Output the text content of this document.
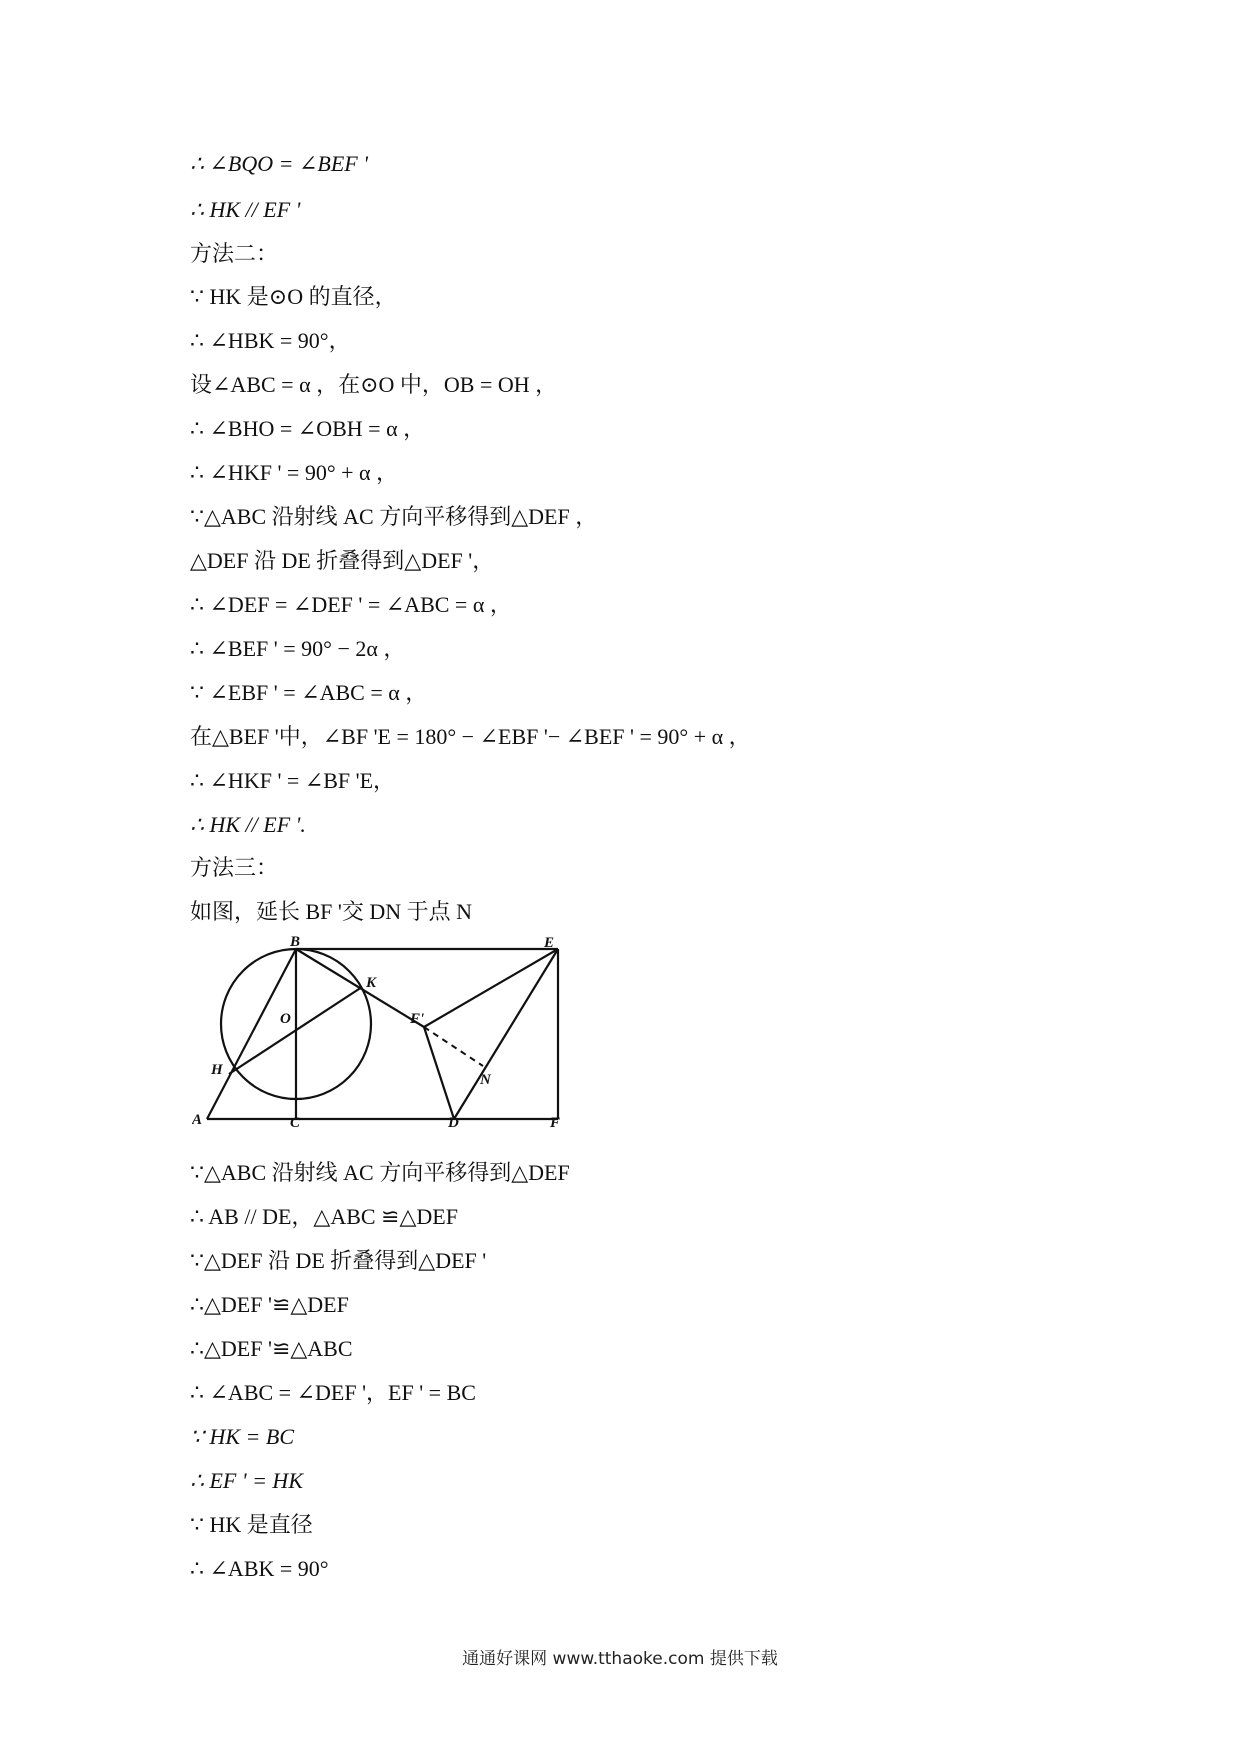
∴ ∠BQO = ∠BEF '
∴ HK // EF '
方法二：
∵ HK 是⊙O 的直径，
∴ ∠HBK = 90°，
设∠ABC = α ，在⊙O 中，OB = OH ，
∴ ∠BHO = ∠OBH = α ，
∴ ∠HKF ' = 90° + α ，
∵△ABC 沿射线 AC 方向平移得到△DEF ，
△DEF 沿 DE 折叠得到△DEF '，
∴ ∠DEF = ∠DEF ' = ∠ABC = α ，
∴ ∠BEF ' = 90° − 2α ，
∵ ∠EBF ' = ∠ABC = α ，
在△BEF '中，∠BF 'E = 180° − ∠EBF '− ∠BEF ' = 90° + α ，
∴ ∠HKF ' = ∠BF 'E，
∴ HK // EF '.
方法三：
如图，延长 BF '交 DN 于点 N
B	E
K
O	F'
H
N
A	C	D	F
∵△ABC 沿射线 AC 方向平移得到△DEF
∴ AB // DE，△ABC ≌△DEF
∵△DEF 沿 DE 折叠得到△DEF '
∴△DEF '≌△DEF
∴△DEF '≌△ABC
∴ ∠ABC = ∠DEF '，EF ' = BC
∵ HK = BC
∴ EF ' = HK
∵ HK 是直径
∴ ∠ABK = 90°
通通好课网 www.tthaoke.com 提供下载
